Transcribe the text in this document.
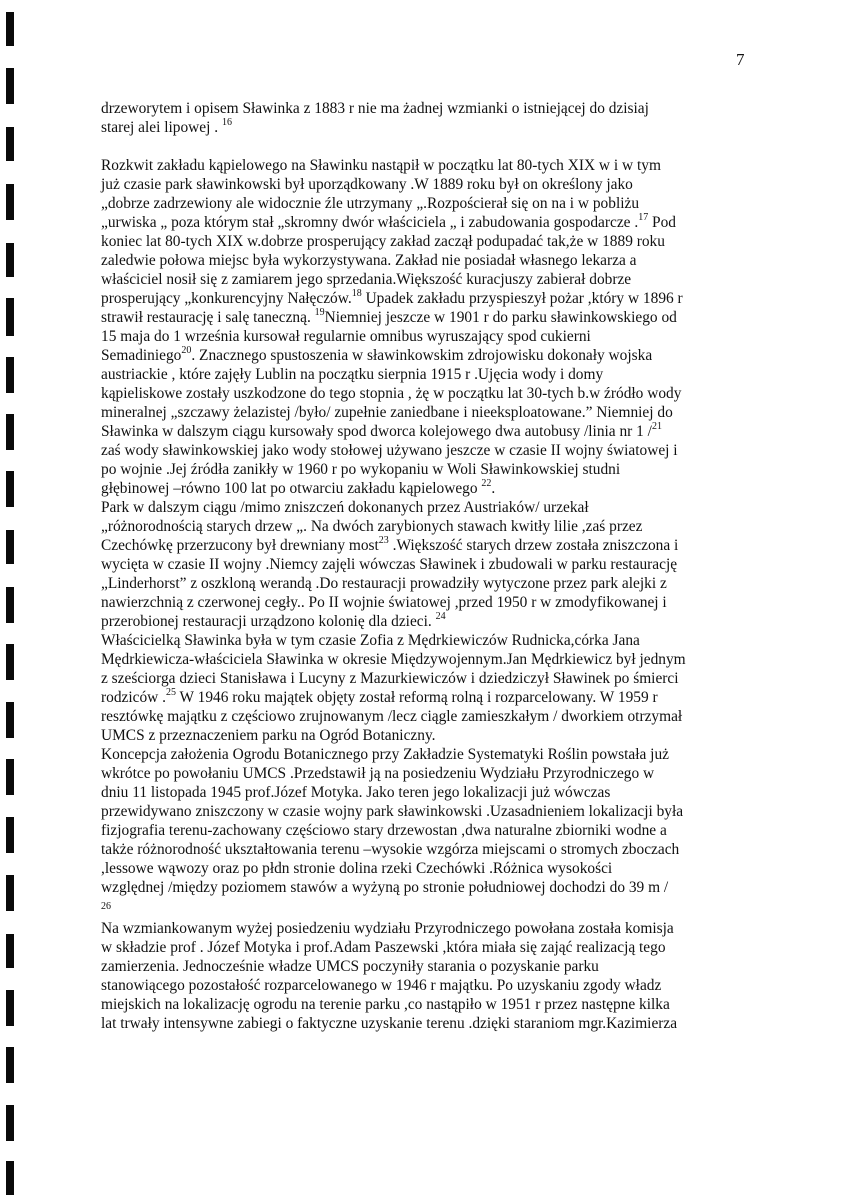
7
drzeworytem i opisem Sławinka z 1883 r nie ma żadnej wzmianki o istniejącej do dzisiaj
starej alei lipowej . $^{16}$
Rozkwit zakładu kąpielowego na Sławinku nastąpił w początku lat 80-tych XIX w i w tym
już czasie park sławinkowski był uporządkowany .W 1889 roku był on określony jako
„dobrze zadrzewiony ale widocznie źle utrzymany „.Rozpościerał się on na i w pobliżu
„urwiska „ poza którym stał „skromny dwór właściciela „ i zabudowania gospodarcze .$^{17}$ Pod
koniec lat 80-tych XIX w.dobrze prosperujący zakład zaczął podupadać tak,że w 1889 roku
zaledwie połowa miejsc była wykorzystywana. Zakład nie posiadał własnego lekarza a
właściciel nosił się z zamiarem jego sprzedania.Większość kuracjuszy zabierał dobrze
prosperujący „konkurencyjny Nałęczów.$^{18}$ Upadek zakładu przyspieszył pożar ,który w 1896 r
strawił restaurację i salę taneczną. $^{19}$Niemniej jeszcze w 1901 r do parku sławinkowskiego od
15 maja do 1 września kursował regularnie omnibus wyruszający spod cukierni
Semadiniego$^{20}$. Znacznego spustoszenia w sławinkowskim zdrojowisku dokonały wojska
austriackie , które zajęły Lublin na początku sierpnia 1915 r .Ujęcia wody i domy
kąpieliskowe zostały uszkodzone do tego stopnia , żę w początku lat 30-tych b.w źródło wody
mineralnej „szczawy żelazistej /było/ zupełnie zaniedbane i nieeksploatowane.” Niemniej do
Sławinka w dalszym ciągu kursowały spod dworca kolejowego dwa autobusy /linia nr 1 /$^{21}$
zaś wody sławinkowskiej jako wody stołowej używano jeszcze w czasie II wojny światowej i
po wojnie .Jej źródła zanikły w 1960 r po wykopaniu w Woli Sławinkowskiej studni
głębinowej –równo 100 lat po otwarciu zakładu kąpielowego $^{22}$.
Park w dalszym ciągu /mimo zniszczeń dokonanych przez Austriaków/ urzekał
„różnorodnością starych drzew „. Na dwóch zarybionych stawach kwitły lilie ,zaś przez
Czechówkę przerzucony był drewniany most$^{23}$ .Większość starych drzew została zniszczona i
wycięta w czasie II wojny .Niemcy zajęli wówczas Sławinek i zbudowali w parku restaurację
„Linderhorst” z oszkloną werandą .Do restauracji prowadziły wytyczone przez park alejki z
nawierzchnią z czerwonej cegły.. Po II wojnie światowej ,przed 1950 r w zmodyfikowanej i
przerobionej restauracji urządzono kolonię dla dzieci. $^{24}$
Właścicielką Sławinka była w tym czasie Zofia z Mędrkiewiczów Rudnicka,córka Jana
Mędrkiewicza-właściciela Sławinka w okresie Międzywojennym.Jan Mędrkiewicz był jednym
z sześciorga dzieci Stanisława i Lucyny z Mazurkiewiczów i dziedziczył Sławinek po śmierci
rodziców .$^{25}$ W 1946 roku majątek objęty został reformą rolną i rozparcelowany. W 1959 r
resztówkę majątku z częściowo zrujnowanym /lecz ciągle zamieszkałym / dworkiem otrzymał
UMCS z przeznaczeniem parku na Ogród Botaniczny.
Koncepcja założenia Ogrodu Botanicznego przy Zakładzie Systematyki Roślin powstała już
wkrótce po powołaniu UMCS .Przedstawił ją na posiedzeniu Wydziału Przyrodniczego w
dniu 11 listopada 1945 prof.Józef Motyka. Jako teren jego lokalizacji już wówczas
przewidywano zniszczony w czasie wojny park sławinkowski .Uzasadnieniem lokalizacji była
fizjografia terenu-zachowany częściowo stary drzewostan ,dwa naturalne zbiorniki wodne a
także różnorodność ukształtowania terenu –wysokie wzgórza miejscami o stromych zboczach
,lessowe wąwozy oraz po płdn stronie dolina rzeki Czechówki .Różnica wysokości
względnej /między poziomem stawów a wyżyną po stronie południowej dochodzi do 39 m /
26
Na wzmiankowanym wyżej posiedzeniu wydziału Przyrodniczego powołana została komisja
w składzie prof . Józef Motyka i prof.Adam Paszewski ,która miała się zająć realizacją tego
zamierzenia. Jednocześnie władze UMCS poczyniły starania o pozyskanie parku
stanowiącego pozostałość rozparcelowanego w 1946 r majątku. Po uzyskaniu zgody władz
miejskich na lokalizację ogrodu na terenie parku ,co nastąpiło w 1951 r przez następne kilka
lat trwały intensywne zabiegi o faktyczne uzyskanie terenu .dzięki staraniom mgr.Kazimierza
